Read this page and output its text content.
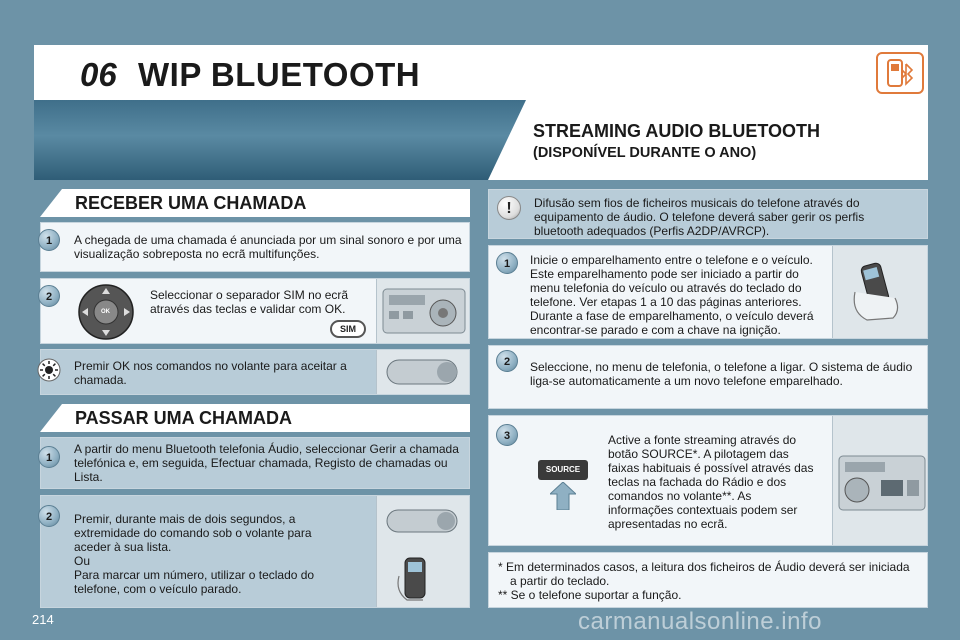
06 WIP BLUETOOTH
STREAMING AUDIO BLUETOOTH
(DISPONÍVEL DURANTE O ANO)
RECEBER UMA CHAMADA
1	A chegada de uma chamada é anunciada por um sinal sonoro e por uma visualização sobreposta no ecrã multifunções.
2
OK
Seleccionar o separador SIM no ecrã através das teclas e validar com OK.
SIM
Premir OK nos comandos no volante para aceitar a chamada.
PASSAR UMA CHAMADA
1
A partir do menu Bluetooth telefonia Áudio, seleccionar Gerir a chamada telefónica e, em seguida, Efectuar chamada, Registo de chamadas ou Lista.
2	Premir, durante mais de dois segundos, a extremidade do comando sob o volante para aceder à sua lista.
Ou
Para marcar um número, utilizar o teclado do telefone, com o veículo parado.
!	Difusão sem fios de ficheiros musicais do telefone através do equipamento de áudio. O telefone deverá saber gerir os perfis bluetooth adequados (Perfis A2DP/AVRCP).
1	Inicie o emparelhamento entre o telefone e o veículo. Este emparelhamento pode ser iniciado a partir do menu telefonia do veículo ou através do teclado do telefone. Ver etapas 1 a 10 das páginas anteriores. Durante a fase de emparelhamento, o veículo deverá encontrar-se parado e com a chave na ignição.
2	Seleccione, no menu de telefonia, o telefone a ligar. O sistema de áudio liga-se automaticamente a um novo telefone emparelhado.
3
SOURCE
Active a fonte streaming através do botão SOURCE*. A pilotagem das faixas habituais é possível através das teclas na fachada do Rádio e dos comandos no volante**. As informações contextuais podem ser apresentadas no ecrã.
* Em determinados casos, a leitura dos ficheiros de Áudio deverá ser iniciada a partir do teclado.
** Se o telefone suportar a função.
214	carmanualsonline.info
